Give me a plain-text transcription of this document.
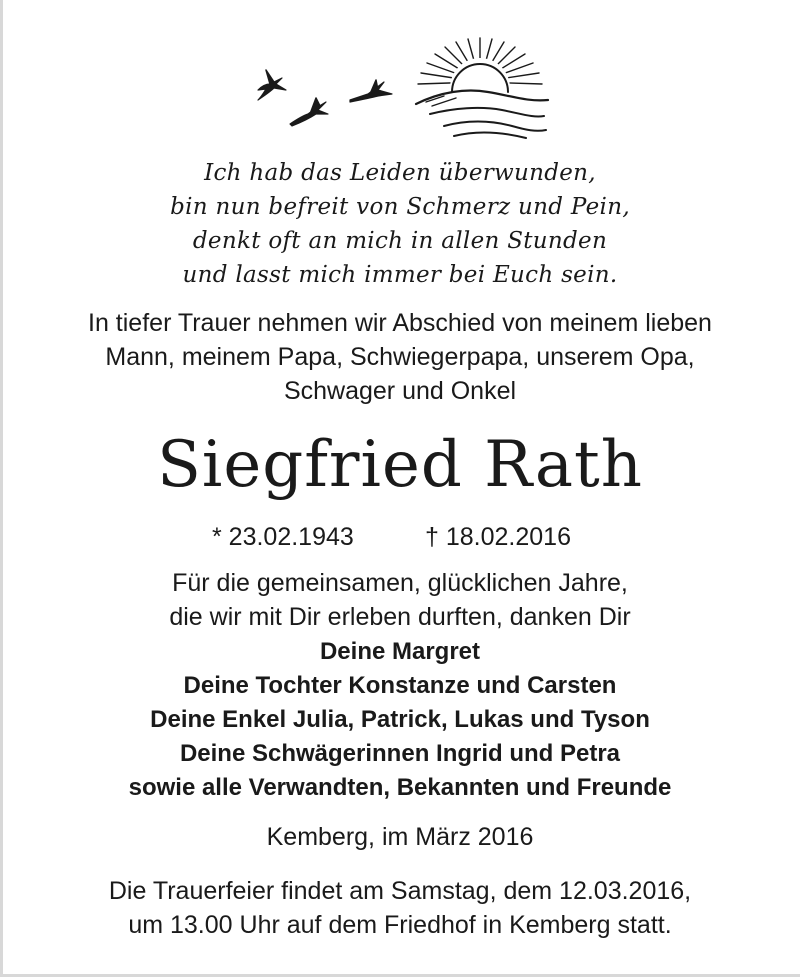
Ich hab das Leiden überwunden,
bin nun befreit von Schmerz und Pein,
denkt oft an mich in allen Stunden
und lasst mich immer bei Euch sein.
In tiefer Trauer nehmen wir Abschied von meinem lieben
Mann, meinem Papa, Schwiegerpapa, unserem Opa,
Schwager und Onkel
Siegfried Rath
* 23.02.1943	† 18.02.2016
Für die gemeinsamen, glücklichen Jahre,
die wir mit Dir erleben durften, danken Dir
Deine Margret
Deine Tochter Konstanze und Carsten
Deine Enkel Julia, Patrick, Lukas und Tyson
Deine Schwägerinnen Ingrid und Petra
sowie alle Verwandten, Bekannten und Freunde
Kemberg, im März 2016
Die Trauerfeier findet am Samstag, dem 12.03.2016,
um 13.00 Uhr auf dem Friedhof in Kemberg statt.
